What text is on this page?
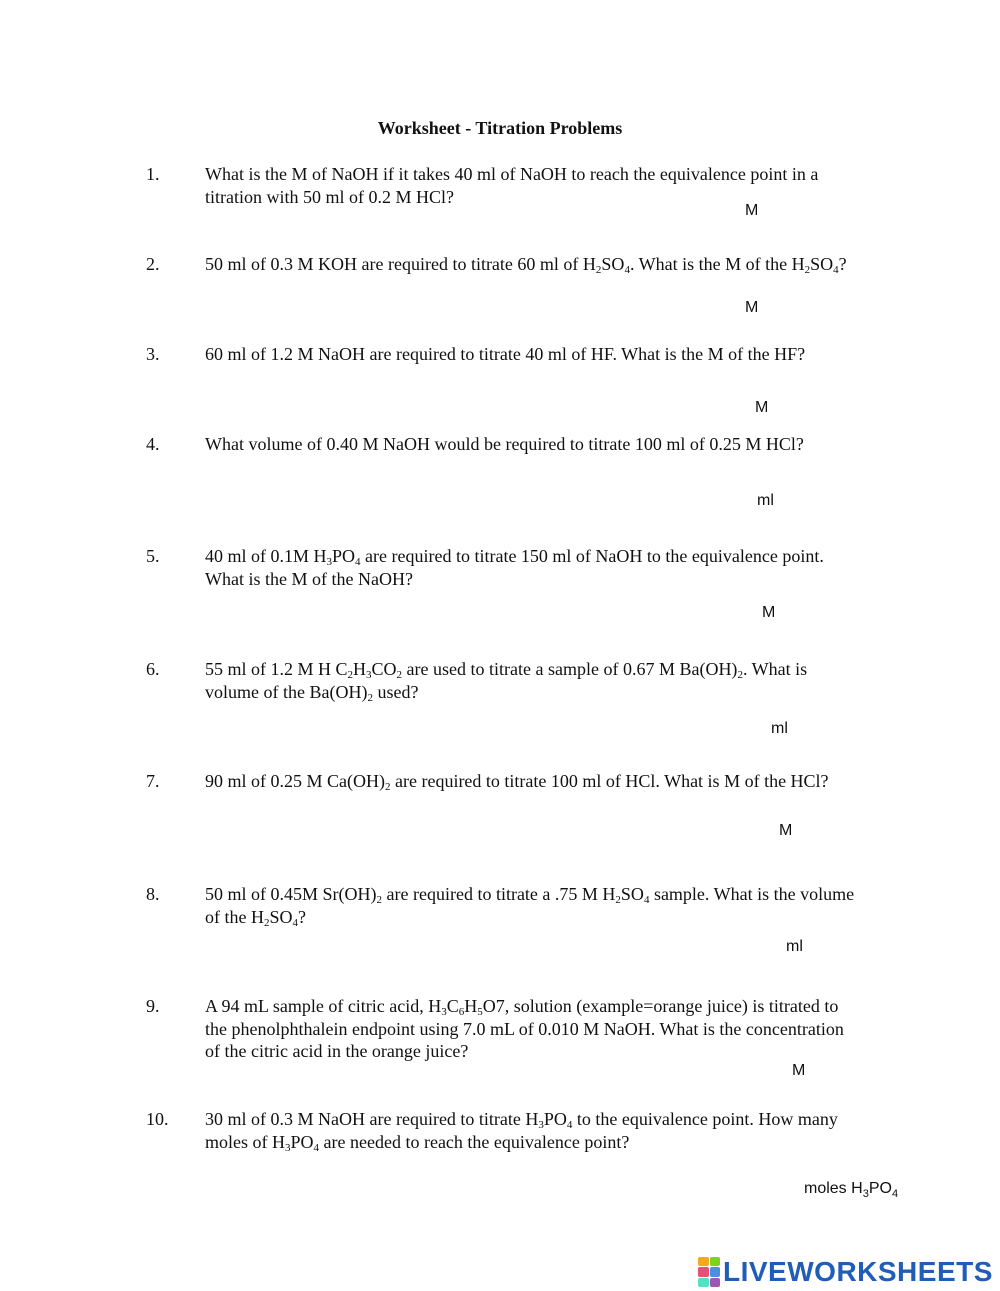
Worksheet - Titration Problems
1.	What is the M of NaOH if it takes 40 ml of NaOH to reach the equivalence point in a titration with 50 ml of 0.2 M HCl?
M
2.	50 ml of 0.3 M KOH are required to titrate 60 ml of $H_2SO_4$. What is the M of the $H_2SO_4$?
M
3.	60 ml of 1.2 M NaOH are required to titrate 40 ml of HF. What is the M of the HF?
M
4.	What volume of 0.40 M NaOH would be required to titrate 100 ml of 0.25 M HCl?
ml
5.	40 ml of 0.1M $H_3PO_4$ are required to titrate 150 ml of NaOH to the equivalence point. What is the M of the NaOH?
M
6.	55 ml of 1.2 M H $C_2H_3CO_2$ are used to titrate a sample of 0.67 M $Ba(OH)_2$. What is volume of the $Ba(OH)_2$ used?
ml
7.	90 ml of 0.25 M $Ca(OH)_2$ are required to titrate 100 ml of HCl. What is M of the HCl?
M
8.	50 ml of 0.45M $Sr(OH)_2$ are required to titrate a .75 M $H_2SO_4$ sample. What is the volume of the $H_2SO_4$?
ml
9.	A 94 mL sample of citric acid, $H_3C_6H_5O7$, solution (example=orange juice) is titrated to the phenolphthalein endpoint using 7.0 mL of 0.010 M NaOH. What is the concentration of the citric acid in the orange juice?
M
10. 30 ml of 0.3 M NaOH are required to titrate $H_3PO_4$ to the equivalence point. How many moles of $H_3PO_4$ are needed to reach the equivalence point?
moles $H_3PO_4$
LIVEWORKSHEETS
